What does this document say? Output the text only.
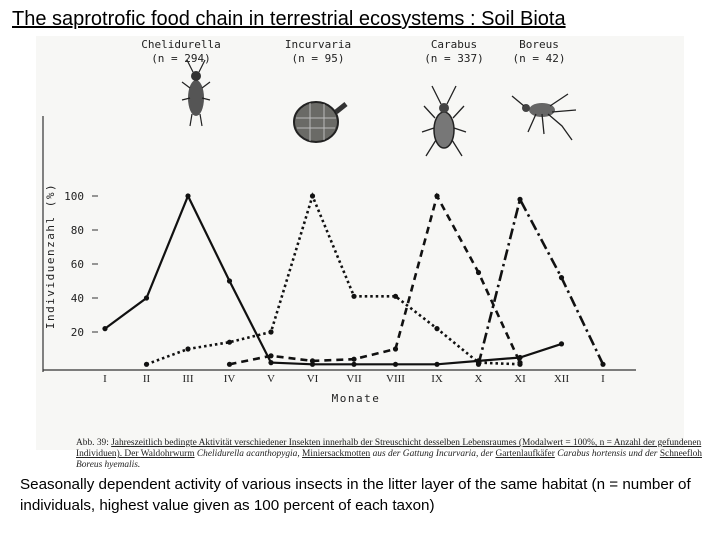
The saprotrofic food chain in terrestrial ecosystems : Soil Biota
Individuenzahl (%)
20
40
60
80
100
I	II	III	IV	V	VI	VII VIII IX	X	XI	XII	I
Monate
Chelidurella
(n = 294)
Incurvaria
(n = 95)
Carabus
(n = 337)
Boreus
(n = 42)
Abb. 39: Jahreszeitlich bedingte Aktivität verschiedener Insekten innerhalb der Streuschicht desselben Lebensraumes (Modalwert = 100%, n = Anzahl der gefundenen Individuen). Der Waldohrwurm Chelidurella acanthopygia, Miniersackmotten aus der Gattung Incurvaria, der Gartenlaufkäfer Carabus hortensis und der Schneefloh Boreus hyemalis.
Seasonally dependent activity of various insects in the litter layer of the same habitat (n = number of individuals, highest value given as 100 percent of each taxon)
